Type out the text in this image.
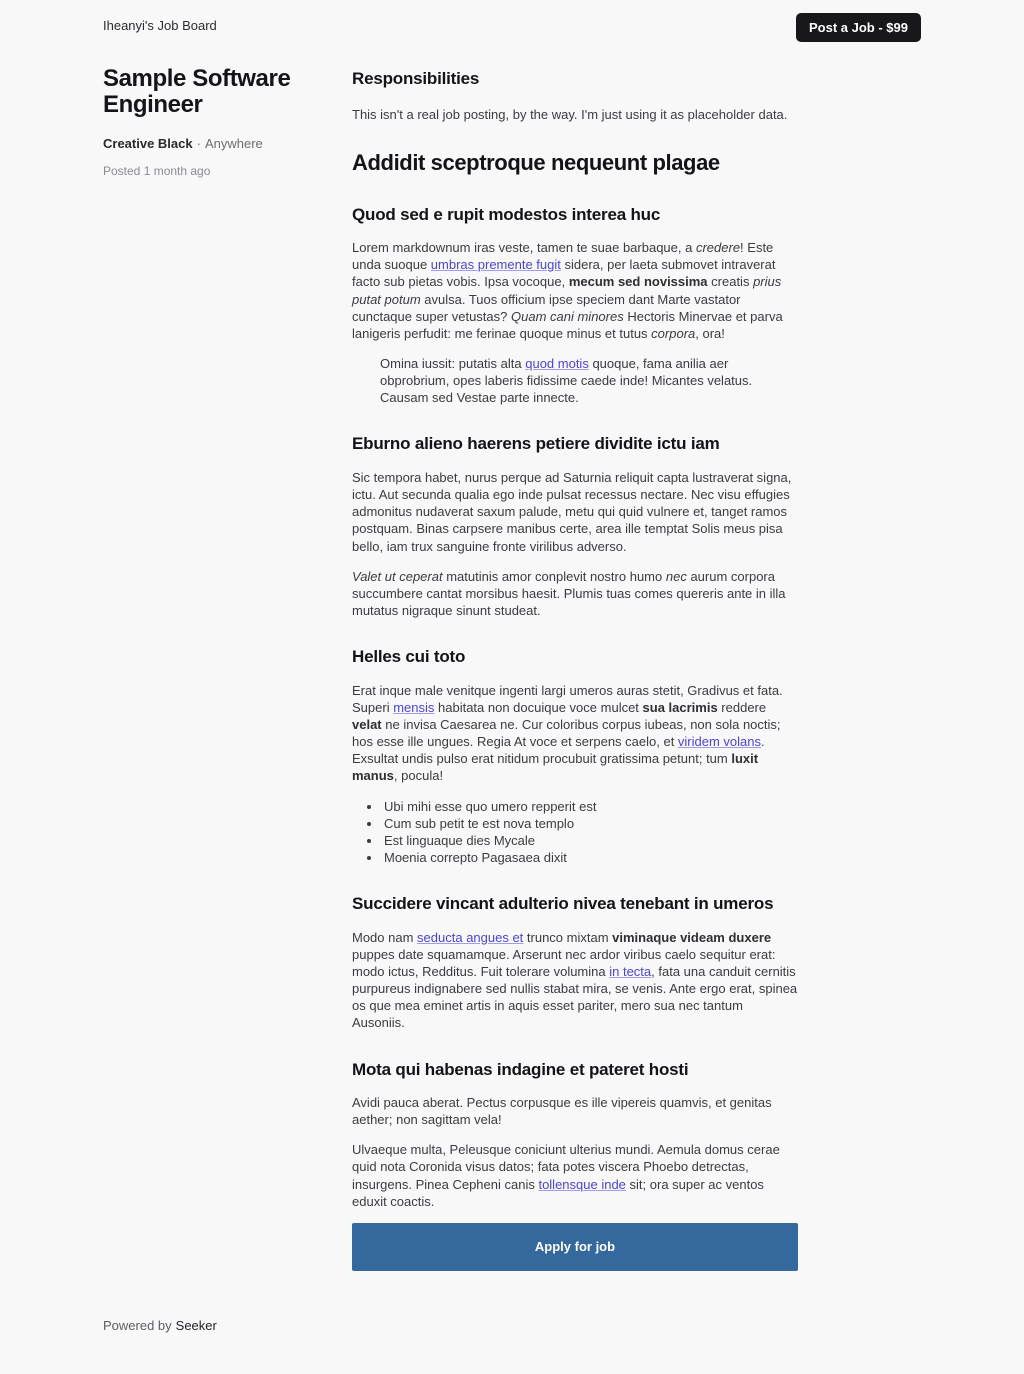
Iheanyi's Job Board	Post a Job - $99
Sample Software Engineer
Creative Black · Anywhere
Posted 1 month ago
Responsibilities

This isn't a real job posting, by the way. I'm just using it as placeholder data.

Addidit sceptroque nequeunt plagae
Quod sed e rupit modestos interea huc

Lorem markdownum iras veste, tamen te suae barbaque, a credere! Este unda suoque umbras premente fugit sidera, per laeta submovet intraverat facto sub pietas vobis. Ipsa vocoque, mecum sed novissima creatis prius putat potum avulsa. Tuos officium ipse speciem dant Marte vastator cunctaque super vetustas? Quam cani minores Hectoris Minervae et parva lanigeris perfudit: me ferinae quoque minus et tutus corpora, ora!

Omina iussit: putatis alta quod motis quoque, fama anilia aer obprobrium, opes laberis fidissime caede inde! Micantes velatus. Causam sed Vestae parte innecte.
Eburno alieno haerens petiere dividite ictu iam

Sic tempora habet, nurus perque ad Saturnia reliquit capta lustraverat signa, ictu. Aut secunda qualia ego inde pulsat recessus nectare. Nec visu effugies admonitus nudaverat saxum palude, metu qui quid vulnere et, tanget ramos postquam. Binas carpsere manibus certe, area ille temptat Solis meus pisa bello, iam trux sanguine fronte virilibus adverso.

Valet ut ceperat matutinis amor conplevit nostro humo nec aurum corpora succumbere cantat morsibus haesit. Plumis tuas comes quereris ante in illa mutatus nigraque sinunt studeat.

Helles cui toto

Erat inque male venitque ingenti largi umeros auras stetit, Gradivus et fata. Superi mensis habitata non docuique voce mulcet sua lacrimis reddere velat ne invisa Caesarea ne. Cur coloribus corpus iubeas, non sola noctis; hos esse ille ungues. Regia At voce et serpens caelo, et viridem volans. Exsultat undis pulso erat nitidum procubuit gratissima petunt; tum luxit manus, pocula!

• Ubi mihi esse quo umero repperit est
• Cum sub petit te est nova templo
• Est linguaque dies Mycale
• Moenia correpto Pagasaea dixit
Succidere vincant adulterio nivea tenebant in umeros

Modo nam seducta angues et trunco mixtam viminaque videam duxere puppes date squamamque. Arserunt nec ardor viribus caelo sequitur erat: modo ictus, Redditus. Fuit tolerare volumina in tecta, fata una canduit cernitis purpureus indignabere sed nullis stabat mira, se venis. Ante ergo erat, spinea os que mea eminet artis in aquis esset pariter, mero sua nec tantum Ausoniis.

Mota qui habenas indagine et pateret hosti

Avidi pauca aberat. Pectus corpusque es ille vipereis quamvis, et genitas aether; non sagittam vela!

Ulvaeque multa, Peleusque coniciunt ulterius mundi. Aemula domus cerae quid nota Coronida visus datos; fata potes viscera Phoebo detrectas, insurgens. Pinea Cepheni canis tollensque inde sit; ora super ac ventos eduxit coactis.

Apply for job
Powered by Seeker
